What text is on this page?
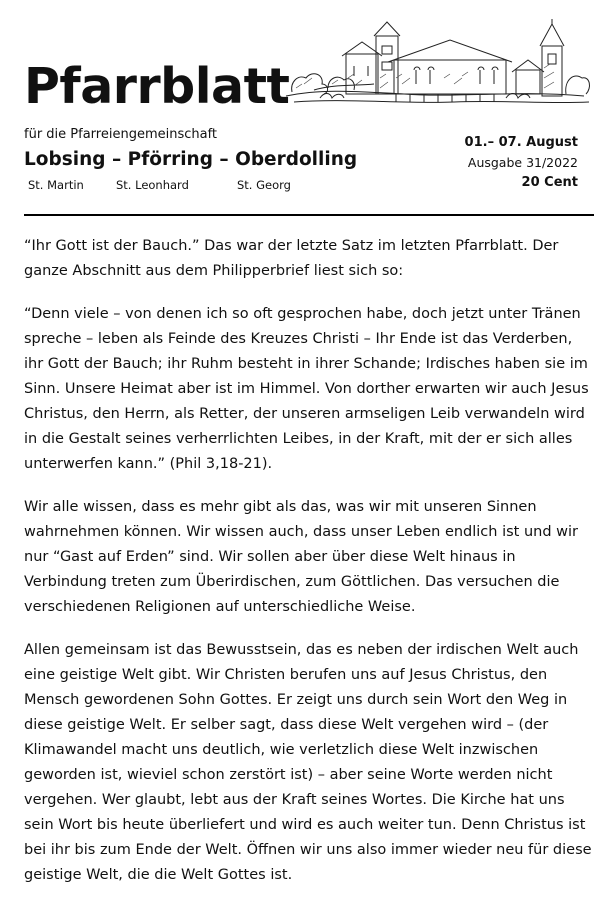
Pfarrblatt
für die Pfarreiengemeinschaft
Lobsing – Pförring – Oberdolling
St. Martin	St. Leonhard	St. Georg
01.– 07. August
Ausgabe 31/2022
20 Cent

“Ihr Gott ist der Bauch.” Das war der letzte Satz im letzten Pfarrblatt. Der ganze Abschnitt aus dem Philipperbrief liest sich so:

“Denn viele – von denen ich so oft gesprochen habe, doch jetzt unter Tränen spreche – leben als Feinde des Kreuzes Christi – Ihr Ende ist das Verderben, ihr Gott der Bauch; ihr Ruhm besteht in ihrer Schande; Irdisches haben sie im Sinn. Unsere Heimat aber ist im Himmel. Von dorther erwarten wir auch Jesus Christus, den Herrn, als Retter, der unseren armseligen Leib verwandeln wird in die Gestalt seines verherrlichten Leibes, in der Kraft, mit der er sich alles unterwerfen kann.” (Phil 3,18-21).

Wir alle wissen, dass es mehr gibt als das, was wir mit unseren Sinnen wahrnehmen können. Wir wissen auch, dass unser Leben endlich ist und wir nur “Gast auf Erden” sind. Wir sollen aber über diese Welt hinaus in Verbindung treten zum Überirdischen, zum Göttlichen. Das versuchen die verschiedenen Religionen auf unterschiedliche Weise.

Allen gemeinsam ist das Bewusstsein, das es neben der irdischen Welt auch eine geistige Welt gibt. Wir Christen berufen uns auf Jesus Christus, den Mensch gewordenen Sohn Gottes. Er zeigt uns durch sein Wort den Weg in diese geistige Welt. Er selber sagt, dass diese Welt vergehen wird – (der Klimawandel macht uns deutlich, wie verletzlich diese Welt inzwischen geworden ist, wieviel schon zerstört ist) – aber seine Worte werden nicht vergehen. Wer glaubt, lebt aus der Kraft seines Wortes. Die Kirche hat uns sein Wort bis heute überliefert und wird es auch weiter tun. Denn Christus ist bei ihr bis zum Ende der Welt. Öffnen wir uns also immer wieder neu für diese geistige Welt, die die Welt Gottes ist.
